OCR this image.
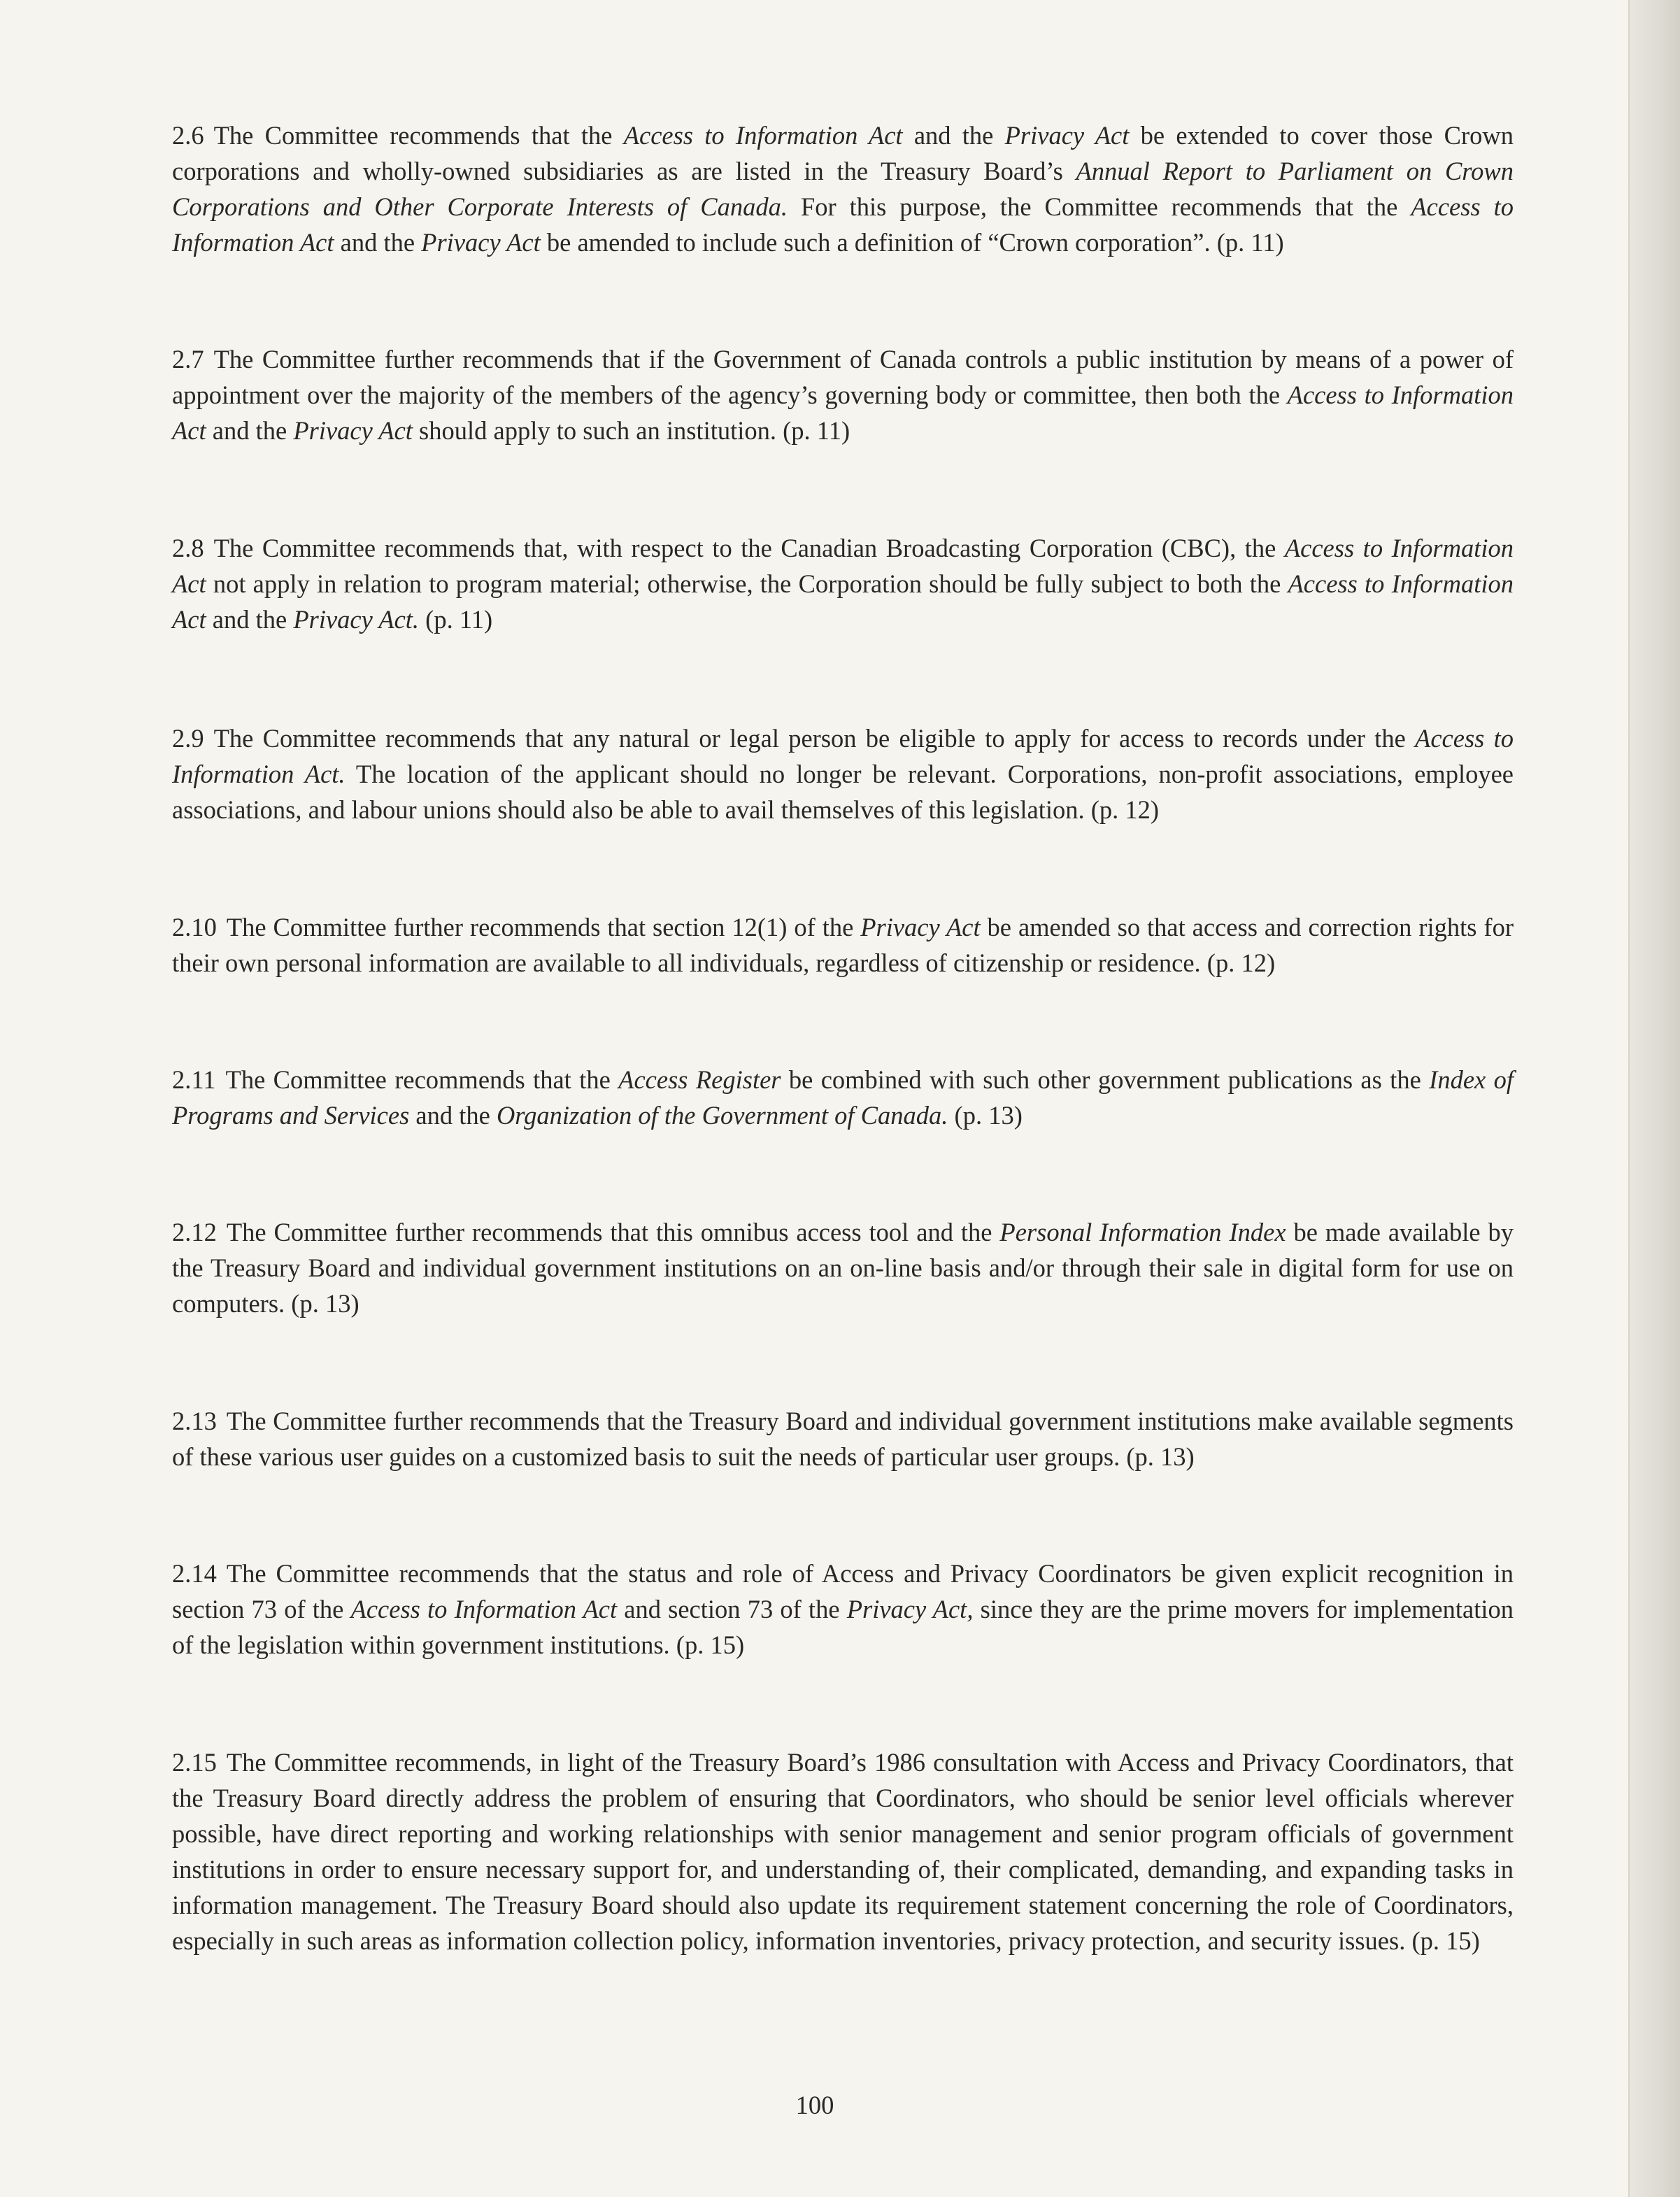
2.6 The Committee recommends that the Access to Information Act and the Privacy Act be extended to cover those Crown corporations and wholly-owned subsidiaries as are listed in the Treasury Board’s Annual Report to Parliament on Crown Corporations and Other Corporate Interests of Canada. For this purpose, the Committee recommends that the Access to Information Act and the Privacy Act be amended to include such a definition of “Crown corporation”. (p. 11)

2.7 The Committee further recommends that if the Government of Canada controls a public institution by means of a power of appointment over the majority of the members of the agency’s governing body or committee, then both the Access to Information Act and the Privacy Act should apply to such an institution. (p. 11)

2.8 The Committee recommends that, with respect to the Canadian Broadcasting Corporation (CBC), the Access to Information Act not apply in relation to program material; otherwise, the Corporation should be fully subject to both the Access to Information Act and the Privacy Act. (p. 11)

2.9 The Committee recommends that any natural or legal person be eligible to apply for access to records under the Access to Information Act. The location of the applicant should no longer be relevant. Corporations, non-profit associations, employee associations, and labour unions should also be able to avail themselves of this legislation. (p. 12)

2.10 The Committee further recommends that section 12(1) of the Privacy Act be amended so that access and correction rights for their own personal information are available to all individuals, regardless of citizenship or residence. (p. 12)

2.11 The Committee recommends that the Access Register be combined with such other government publications as the Index of Programs and Services and the Organization of the Government of Canada. (p. 13)

2.12 The Committee further recommends that this omnibus access tool and the Personal Information Index be made available by the Treasury Board and individual government institutions on an on-line basis and/or through their sale in digital form for use on computers. (p. 13)

2.13 The Committee further recommends that the Treasury Board and individual government institutions make available segments of these various user guides on a customized basis to suit the needs of particular user groups. (p. 13)

2.14 The Committee recommends that the status and role of Access and Privacy Coordinators be given explicit recognition in section 73 of the Access to Information Act and section 73 of the Privacy Act, since they are the prime movers for implementation of the legislation within government institutions. (p. 15)

2.15 The Committee recommends, in light of the Treasury Board’s 1986 consultation with Access and Privacy Coordinators, that the Treasury Board directly address the problem of ensuring that Coordinators, who should be senior level officials wherever possible, have direct reporting and working relationships with senior management and senior program officials of government institutions in order to ensure necessary support for, and understanding of, their complicated, demanding, and expanding tasks in information management. The Treasury Board should also update its requirement statement concerning the role of Coordinators, especially in such areas as information collection policy, information inventories, privacy protection, and security issues. (p. 15)

100
